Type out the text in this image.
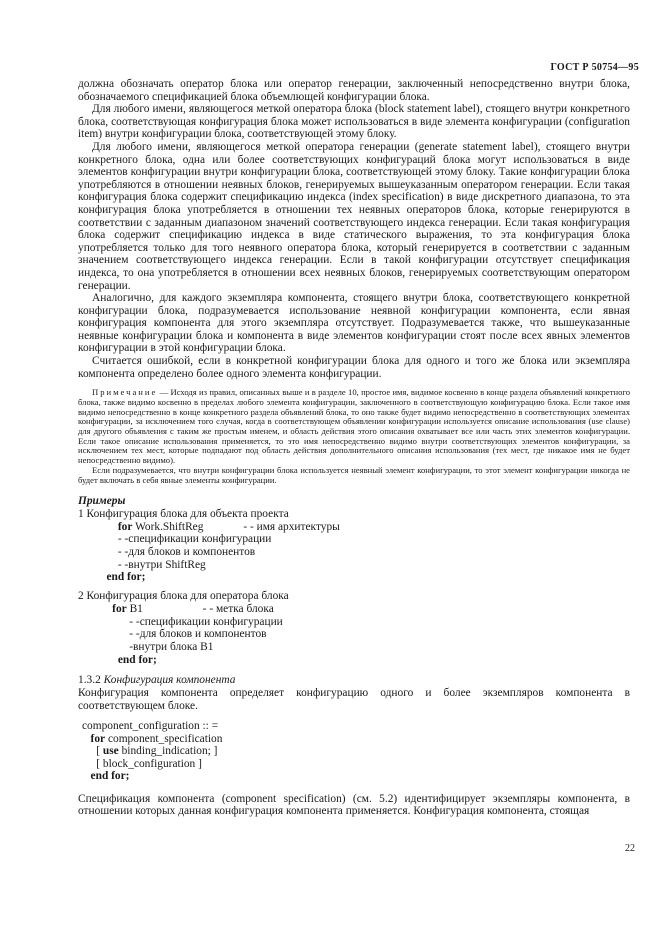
ГОСТ Р 50754—95

должна обозначать оператор блока или оператор генерации, заключенный непосредственно внутри блока, обозначаемого спецификацией блока объемлющей конфигурации блока.

Для любого имени, являющегося меткой оператора блока (block statement label), стоящего внутри конкретного блока, соответствующая конфигурация блока может использоваться в виде элемента конфигурации (configuration item) внутри конфигурации блока, соответствующей этому блоку.

Для любого имени, являющегося меткой оператора генерации (generate statement label), стоящего внутри конкретного блока, одна или более соответствующих конфигураций блока могут использоваться в виде элементов конфигурации внутри конфигурации блока, соответствующей этому блоку. Такие конфигурации блока употребляются в отношении неявных блоков, генерируемых вышеуказанным оператором генерации. Если такая конфигурация блока содержит спецификацию индекса (index specification) в виде дискретного диапазона, то эта конфигурация блока употребляется в отношении тех неявных операторов блока, которые генерируются в соответствии с заданным диапазоном значений соответствующего индекса генерации. Если такая конфигурация блока содержит спецификацию индекса в виде статического выражения, то эта конфигурация блока употребляется только для того неявного оператора блока, который генерируется в соответствии с заданным значением соответствующего индекса генерации. Если в такой конфигурации отсутствует спецификация индекса, то она употребляется в отношении всех неявных блоков, генерируемых соответствующим оператором генерации.

Аналогично, для каждого экземпляра компонента, стоящего внутри блока, соответствующего конкретной конфигурации блока, подразумевается использование неявной конфигурации компонента, если явная конфигурация компонента для этого экземпляра отсутствует. Подразумевается также, что вышеуказанные неявные конфигурации блока и компонента в виде элементов конфигурации стоят после всех явных элементов конфигурации в этой конфигурации блока.

Считается ошибкой, если в конкретной конфигурации блока для одного и того же блока или экземпляра компонента определено более одного элемента конфигурации.

Примечание — Исходя из правил, описанных выше и в разделе 10, простое имя, видимое косвенно в конце раздела объявлений конкретного блока, также видимо косвенно в пределах любого элемента конфигурации, заключенного в соответствующую конфигурацию блока. Если такое имя видимо непосредственно в конце конкретного раздела объявлений блока, то оно также будет видимо непосредственно в соответствующих элементах конфигурации, за исключением того случая, когда в соответствующем объявлении конфигурации используется описание использования (use clause) для другого объявления с таким же простым именем, и область действия этого описания охватывает все или часть этих элементов конфигурации. Если такое описание использования применяется, то это имя непосредственно видимо внутри соответствующих элементов конфигурации, за исключением тех мест, которые подпадают под область действия дополнительного описания использования (тех мест, где никакое имя не будет непосредственно видимо).

Если подразумевается, что внутри конфигурации блока используется неявный элемент конфигурации, то этот элемент конфигурации никогда не будет включать в себя явные элементы конфигурации.

Примеры
1 Конфигурация блока для объекта проекта
for Work.ShiftReg	- - имя архитектуры
- -спецификации конфигурации
- -для блоков и компонентов
- -внутри ShiftReg
end for;

2 Конфигурация блока для оператора блока
for B1	- - метка блока
- -спецификации конфигурации
- -для блоков и компонентов
-внутри блока B1
end for;

1.3.2 Конфигурация компонента

Конфигурация компонента определяет конфигурацию одного и более экземпляров компонента в соответствующем блоке.

component_configuration :: =
for component_specification
[ use binding_indication; ]
[ block_configuration ]
end for;

Спецификация компонента (component specification) (см. 5.2) идентифицирует экземпляры компонента, в отношении которых данная конфигурация компонента применяется. Конфигурация компонента, стоящая

22
